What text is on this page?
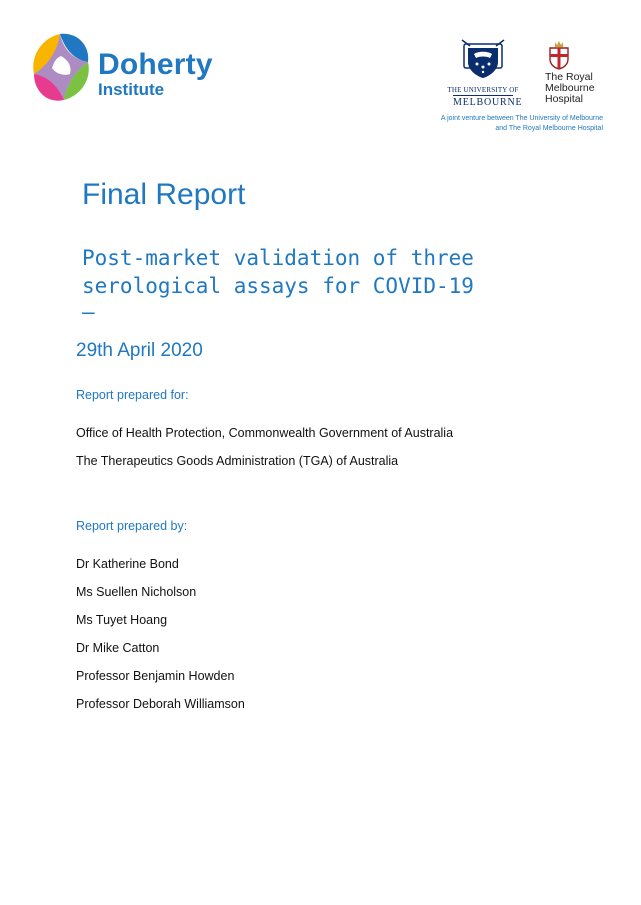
Doherty
Institute	THE UNIVERSITY OF
MELBOURNE
The Royal
Melbourne
Hospital
A joint venture between The University of Melbourne
and The Royal Melbourne Hospital
Final Report
Post-market validation of three serological assays for COVID-19
–
29th April 2020
Report prepared for:
Office of Health Protection, Commonwealth Government of Australia
The Therapeutics Goods Administration (TGA) of Australia
Report prepared by:
Dr Katherine Bond
Ms Suellen Nicholson
Ms Tuyet Hoang
Dr Mike Catton
Professor Benjamin Howden
Professor Deborah Williamson
